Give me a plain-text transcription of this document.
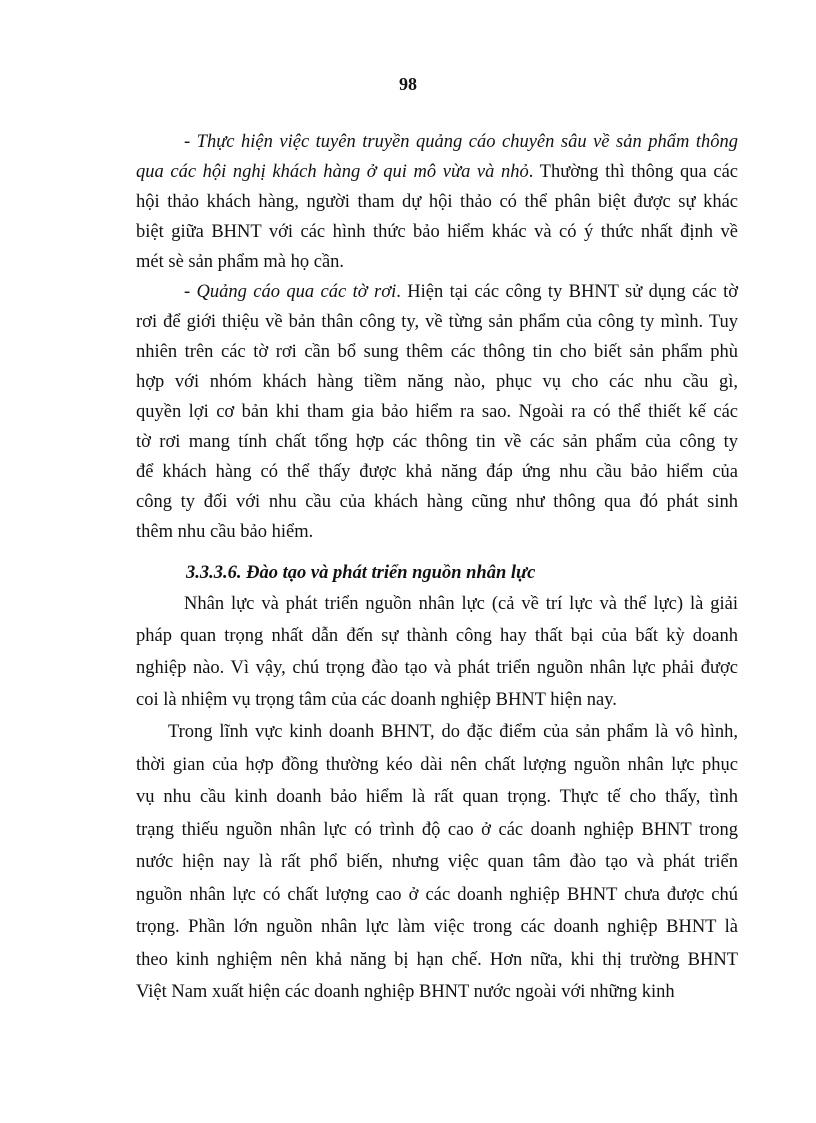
98
- Thực hiện việc tuyên truyền quảng cáo chuyên sâu về sản phẩm thông
qua các hội nghị khách hàng ở qui mô vừa và nhỏ. Thường thì thông qua các
hội thảo khách hàng, người tham dự hội thảo có thể phân biệt được sự khác
biệt giữa BHNT với các hình thức bảo hiểm khác và có ý thức nhất định về
mét sè sản phẩm mà họ cần.
- Quảng cáo qua các tờ rơi. Hiện tại các công ty BHNT sử dụng các tờ
rơi để giới thiệu về bản thân công ty, về từng sản phẩm của công ty mình. Tuy
nhiên trên các tờ rơi cần bổ sung thêm các thông tin cho biết sản phẩm phù
hợp với nhóm khách hàng tiềm năng nào, phục vụ cho các nhu cầu gì,
quyền lợi cơ bản khi tham gia bảo hiểm ra sao. Ngoài ra có thể thiết kế các
tờ rơi mang tính chất tổng hợp các thông tin về các sản phẩm của công ty
để khách hàng có thể thấy được khả năng đáp ứng nhu cầu bảo hiểm của
công ty đối với nhu cầu của khách hàng cũng như thông qua đó phát sinh
thêm nhu cầu bảo hiểm.
3.3.3.6. Đào tạo và phát triển nguồn nhân lực
Nhân lực và phát triển nguồn nhân lực (cả về trí lực và thể lực) là giải
pháp quan trọng nhất dẫn đến sự thành công hay thất bại của bất kỳ doanh
nghiệp nào. Vì vậy, chú trọng đào tạo và phát triển nguồn nhân lực phải được
coi là nhiệm vụ trọng tâm của các doanh nghiệp BHNT hiện nay.
Trong lĩnh vực kinh doanh BHNT, do đặc điểm của sản phẩm là vô hình,
thời gian của hợp đồng thường kéo dài nên chất lượng nguồn nhân lực phục
vụ nhu cầu kinh doanh bảo hiểm là rất quan trọng. Thực tế cho thấy, tình
trạng thiếu nguồn nhân lực có trình độ cao ở các doanh nghiệp BHNT trong
nước hiện nay là rất phổ biến, nhưng việc quan tâm đào tạo và phát triển
nguồn nhân lực có chất lượng cao ở các doanh nghiệp BHNT chưa được chú
trọng. Phần lớn nguồn nhân lực làm việc trong các doanh nghiệp BHNT là
theo kinh nghiệm nên khả năng bị hạn chế. Hơn nữa, khi thị trường BHNT
Việt Nam xuất hiện các doanh nghiệp BHNT nước ngoài với những kinh
